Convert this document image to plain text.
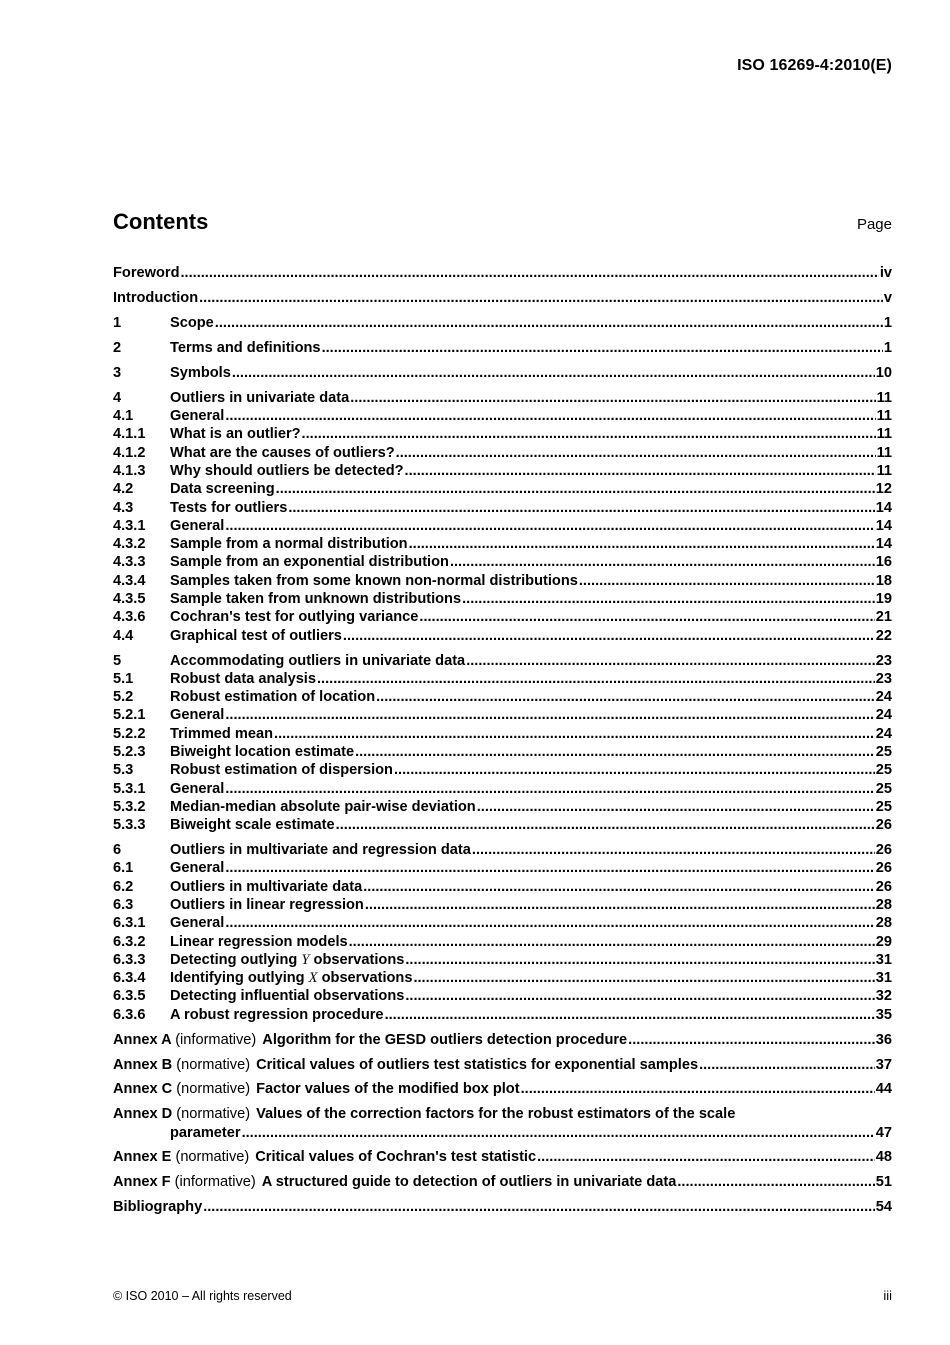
ISO 16269-4:2010(E)
Contents	Page
Foreword .....	iv
Introduction .....	v
1	Scope .....	1
2	Terms and definitions .....	1
3	Symbols .....	10
4	Outliers in univariate data .....	11
4.1	General .....	11
4.1.1	What is an outlier? .....	11
4.1.2	What are the causes of outliers? .....	11
4.1.3	Why should outliers be detected? .....	11
4.2	Data screening .....	12
4.3	Tests for outliers .....	14
4.3.1	General .....	14
4.3.2	Sample from a normal distribution .....	14
4.3.3	Sample from an exponential distribution .....	16
4.3.4	Samples taken from some known non-normal distributions .....	18
4.3.5	Sample taken from unknown distributions .....	19
4.3.6	Cochran's test for outlying variance .....	21
4.4	Graphical test of outliers .....	22
5	Accommodating outliers in univariate data .....	23
5.1	Robust data analysis .....	23
5.2	Robust estimation of location .....	24
5.2.1	General .....	24
5.2.2	Trimmed mean .....	24
5.2.3	Biweight location estimate .....	25
5.3	Robust estimation of dispersion .....	25
5.3.1	General .....	25
5.3.2	Median-median absolute pair-wise deviation .....	25
5.3.3	Biweight scale estimate .....	26
6	Outliers in multivariate and regression data .....	26
6.1	General .....	26
6.2	Outliers in multivariate data .....	26
6.3	Outliers in linear regression .....	28
6.3.1	General .....	28
6.3.2	Linear regression models .....	29
6.3.3	Detecting outlying Y observations .....	31
6.3.4	Identifying outlying X observations .....	31
6.3.5	Detecting influential observations .....	32
6.3.6	A robust regression procedure .....	35
Annex A (informative) Algorithm for the GESD outliers detection procedure .....	36
Annex B (normative) Critical values of outliers test statistics for exponential samples .....	37
Annex C (normative) Factor values of the modified box plot .....	44
Annex D (normative) Values of the correction factors for the robust estimators of the scale
parameter .....	47
Annex E (normative) Critical values of Cochran's test statistic .....	48
Annex F (informative) A structured guide to detection of outliers in univariate data .....	51
Bibliography .....	54
© ISO 2010 – All rights reserved	iii
